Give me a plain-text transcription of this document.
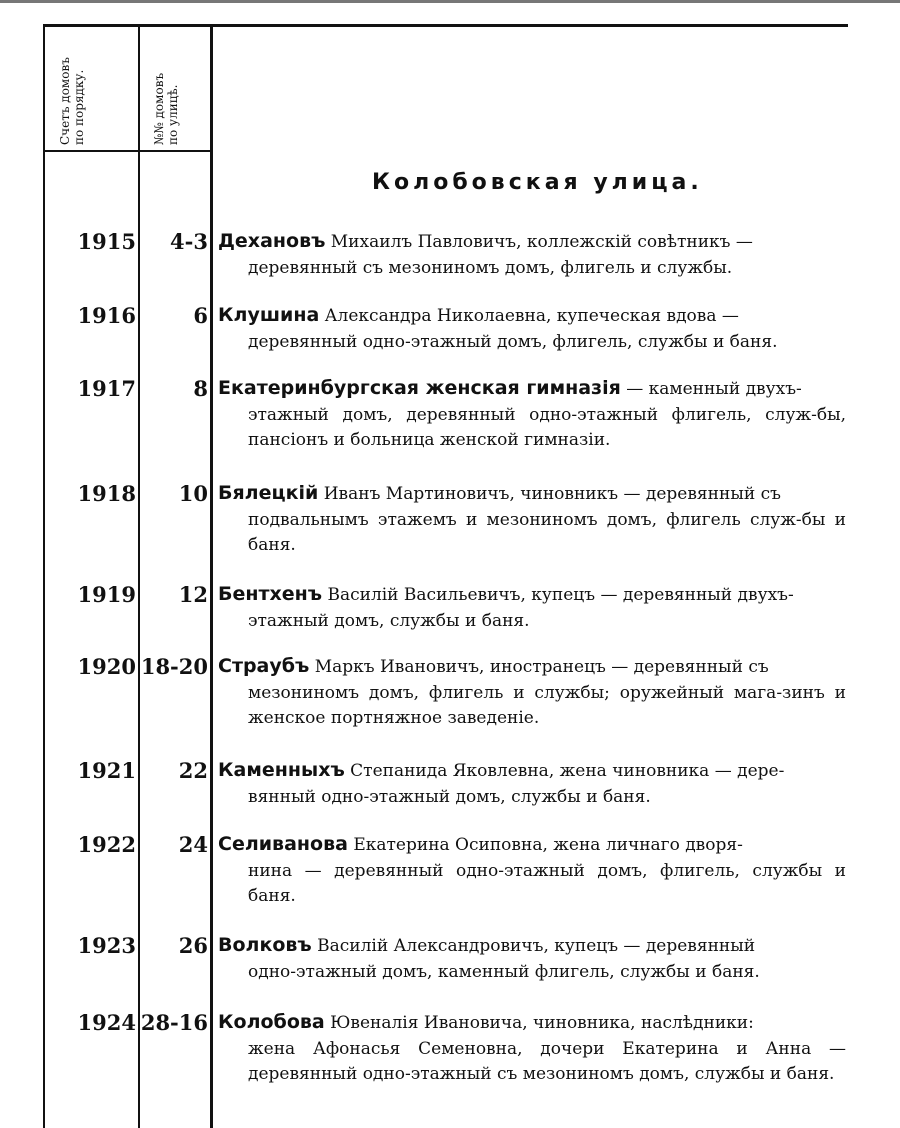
Счетъ домовъ по порядку.	№№ домовъ по улицѣ.
Колобовская улица.
1915	4-3 Дехановъ Михаилъ Павловичъ, коллежскiй совѣтникъ —
деревянный съ мезониномъ домъ, флигель и службы.
1916	6 Клушина Александра Николаевна, купеческая вдова —
деревянный одно-этажный домъ, флигель, службы и баня.
1917	8 Екатеринбургская женская гимназiя — каменный двухъ-
этажный домъ, деревянный одно-этажный флигель, служ-бы, пансiонъ и больница женской гимназiи.
1918	10 Бялецкiй Иванъ Мартиновичъ, чиновникъ — деревянный съ
подвальнымъ этажемъ и мезониномъ домъ, флигель служ-бы и баня.
1919	12 Бентхенъ Василiй Васильевичъ, купецъ — деревянный двухъ-
этажный домъ, службы и баня.
1920 18-20 Страубъ Маркъ Ивановичъ, иностранецъ — деревянный съ
мезониномъ домъ, флигель и службы; оружейный мага-зинъ и женское портняжное заведенiе.
1921	22 Каменныхъ Степанида Яковлевна, жена чиновника — дере-
вянный одно-этажный домъ, службы и баня.
1922	24 Селиванова Екатерина Осиповна, жена личнаго дворя-
нина — деревянный одно-этажный домъ, флигель, службы и баня.
1923	26 Волковъ Василiй Александровичъ, купецъ — деревянный
одно-этажный домъ, каменный флигель, службы и баня.
1924 28-16 Колобова Ювеналiя Ивановича, чиновника, наслѣдники:
жена Афонасья Семеновна, дочери Екатерина и Анна — деревянный одно-этажный съ мезониномъ домъ, службы и баня.
